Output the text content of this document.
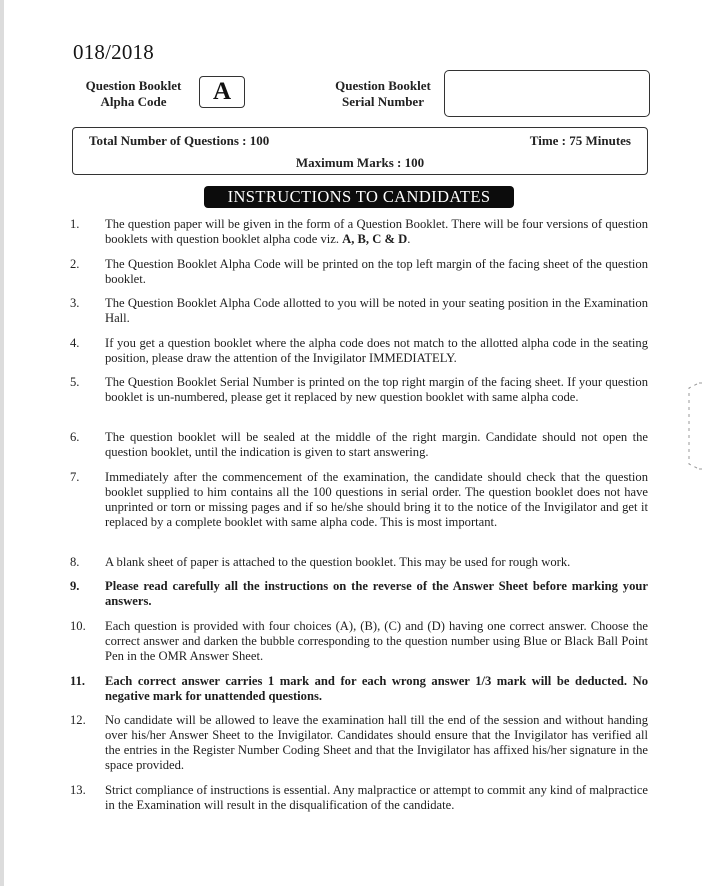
018/2018
Question Booklet
Alpha Code	A	Question Booklet
Serial Number
Total Number of Questions : 100	Time : 75 Minutes
Maximum Marks : 100
INSTRUCTIONS TO CANDIDATES
1.	The question paper will be given in the form of a Question Booklet. There will be four versions of question booklets with question booklet alpha code viz. A, B, C & D.
2.	The Question Booklet Alpha Code will be printed on the top left margin of the facing sheet of the question booklet.
3.	The Question Booklet Alpha Code allotted to you will be noted in your seating position in the Examination Hall.
4.	If you get a question booklet where the alpha code does not match to the allotted alpha code in the seating position, please draw the attention of the Invigilator IMMEDIATELY.
5.	The Question Booklet Serial Number is printed on the top right margin of the facing sheet. If your question booklet is un-numbered, please get it replaced by new question booklet with same alpha code.
6.	The question booklet will be sealed at the middle of the right margin. Candidate should not open the question booklet, until the indication is given to start answering.
7.	Immediately after the commencement of the examination, the candidate should check that the question booklet supplied to him contains all the 100 questions in serial order. The question booklet does not have unprinted or torn or missing pages and if so he/she should bring it to the notice of the Invigilator and get it replaced by a complete booklet with same alpha code. This is most important.
8.	A blank sheet of paper is attached to the question booklet. This may be used for rough work.
9.	Please read carefully all the instructions on the reverse of the Answer Sheet before marking your answers.
10.	Each question is provided with four choices (A), (B), (C) and (D) having one correct answer. Choose the correct answer and darken the bubble corresponding to the question number using Blue or Black Ball Point Pen in the OMR Answer Sheet.
11.	Each correct answer carries 1 mark and for each wrong answer 1/3 mark will be deducted. No negative mark for unattended questions.
12.	No candidate will be allowed to leave the examination hall till the end of the session and without handing over his/her Answer Sheet to the Invigilator. Candidates should ensure that the Invigilator has verified all the entries in the Register Number Coding Sheet and that the Invigilator has affixed his/her signature in the space provided.
13.	Strict compliance of instructions is essential. Any malpractice or attempt to commit any kind of malpractice in the Examination will result in the disqualification of the candidate.
